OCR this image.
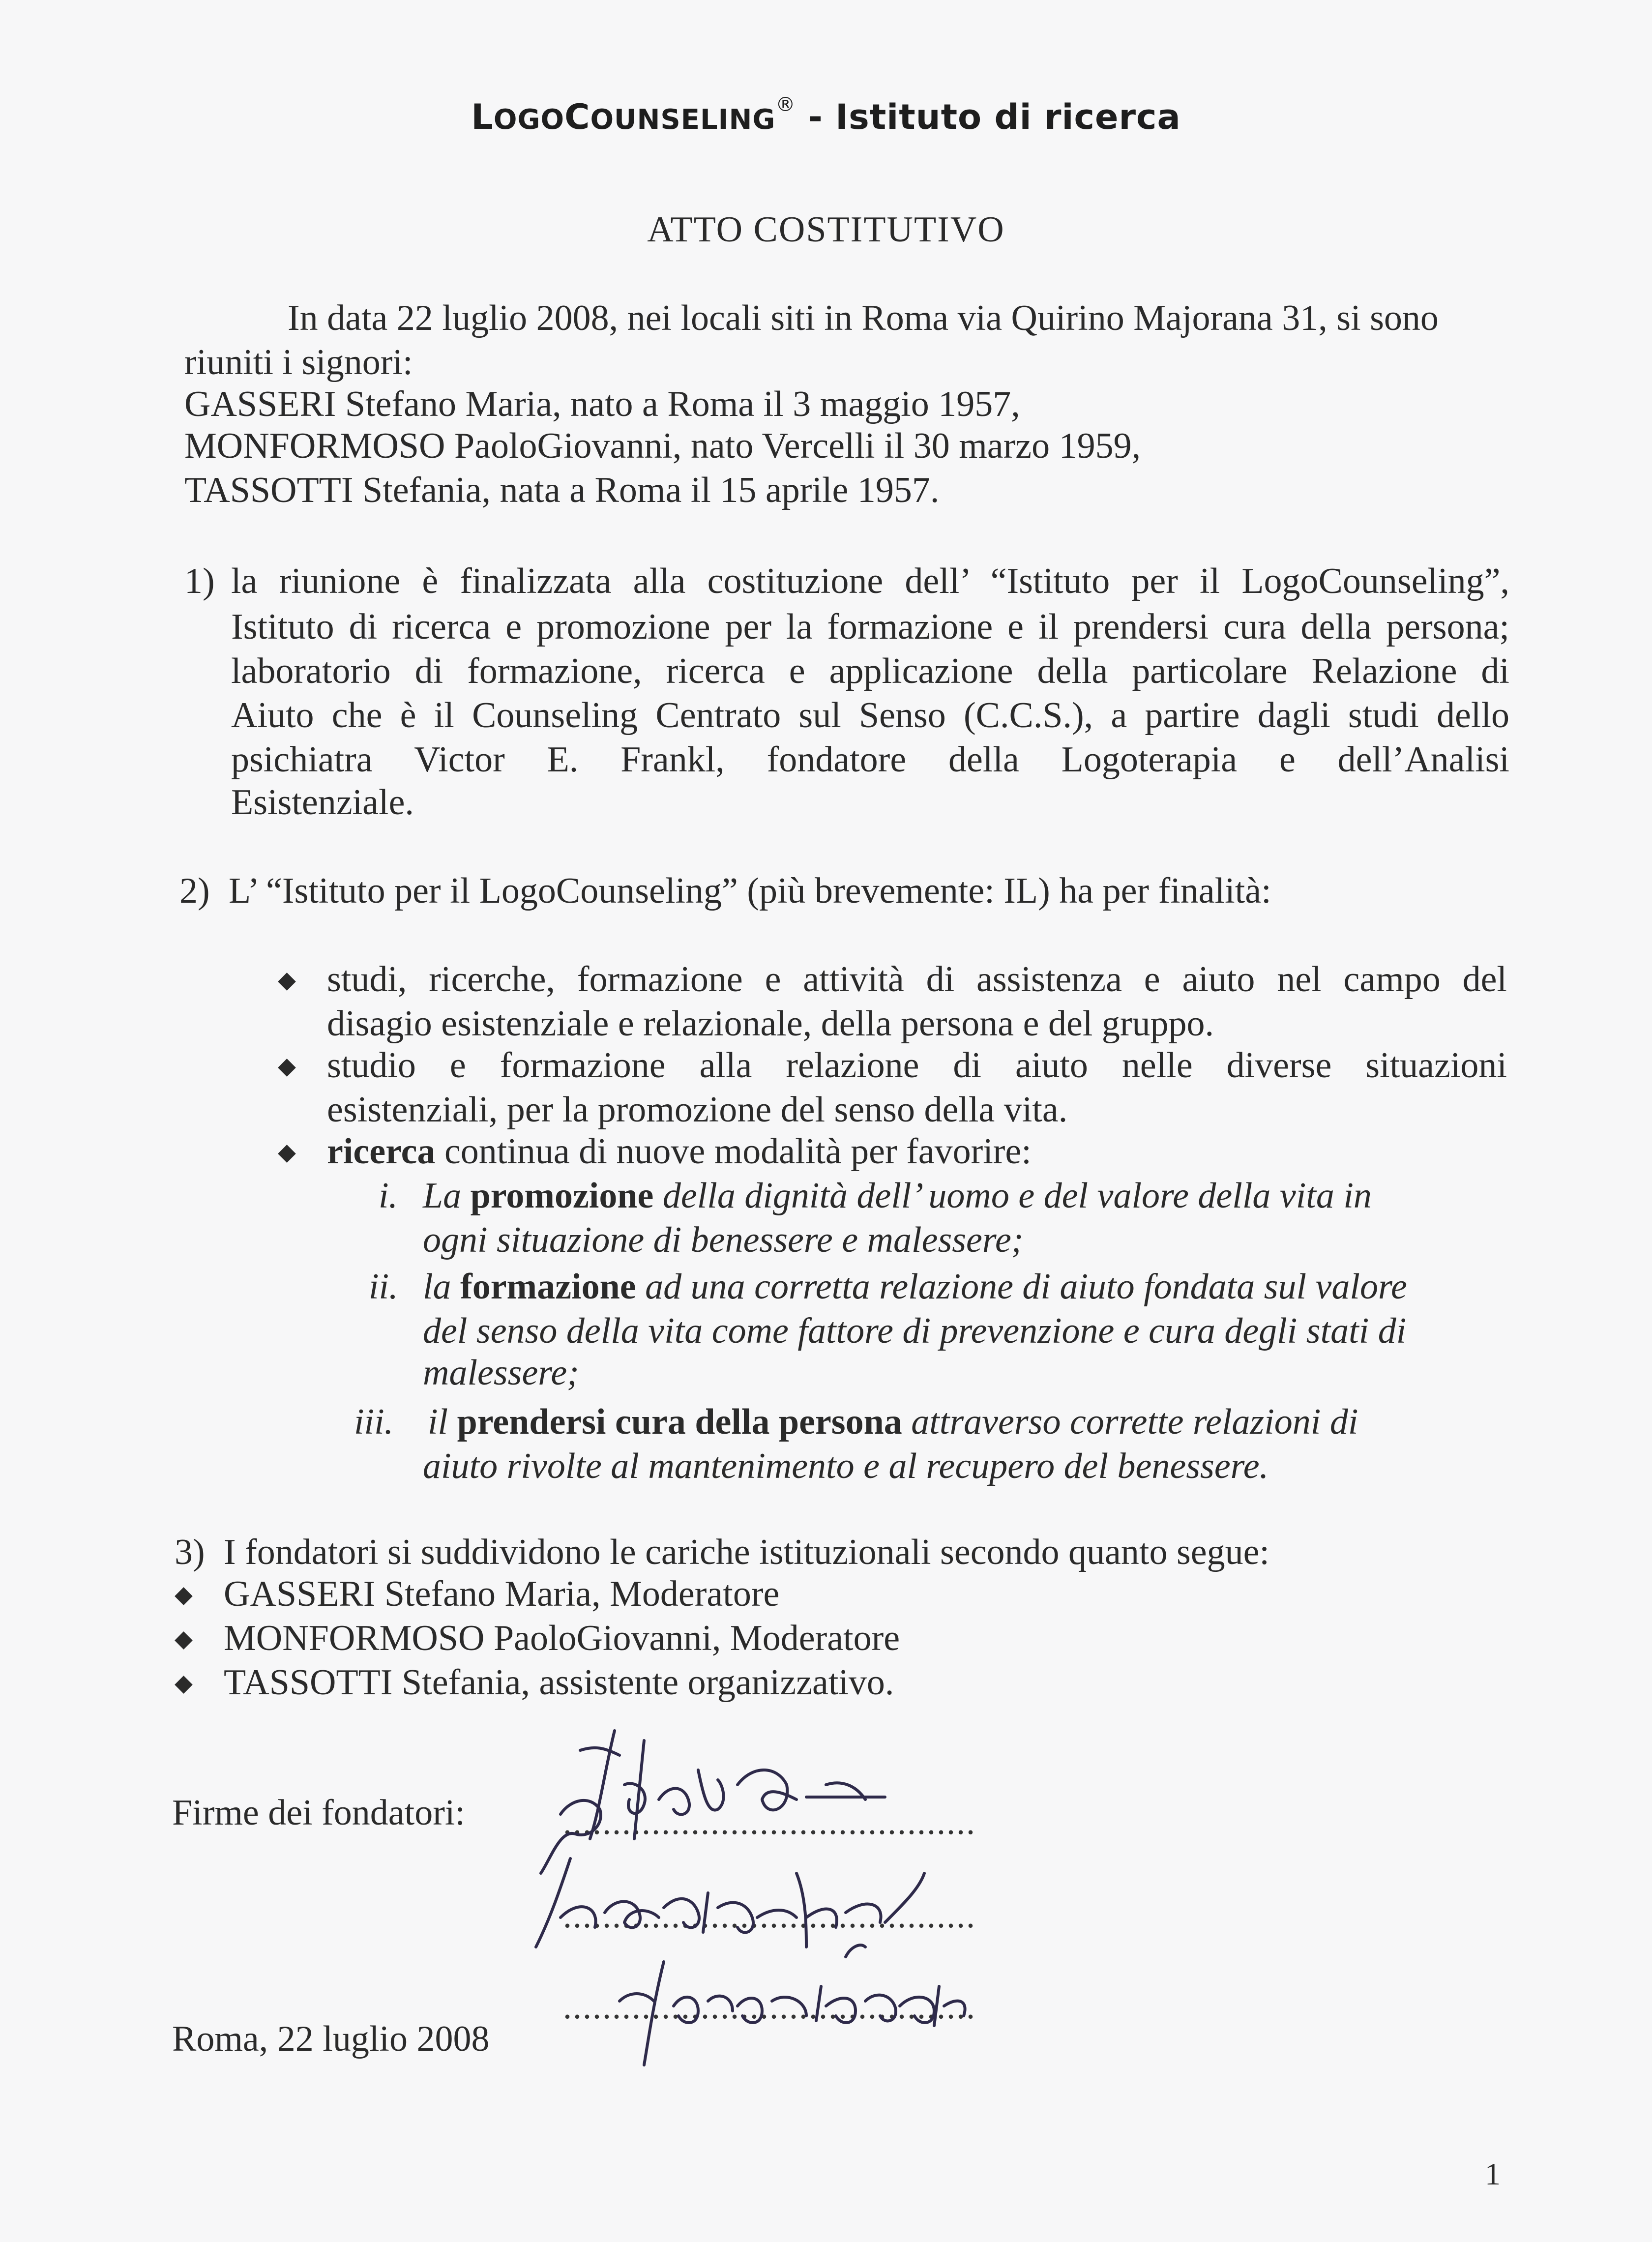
LOGOCOUNSELING® - Istituto di ricerca
ATTO COSTITUTIVO
In data 22 luglio 2008, nei locali siti in Roma via Quirino Majorana 31, si sono
riuniti i signori:
GASSERI Stefano Maria, nato a Roma il 3 maggio 1957,
MONFORMOSO PaoloGiovanni, nato Vercelli il 30 marzo 1959,
TASSOTTI Stefania, nata a Roma il 15 aprile 1957.
1) la riunione è finalizzata alla costituzione dell’ “Istituto per il LogoCounseling”,
Istituto di ricerca e promozione per la formazione e il prendersi cura della persona;
laboratorio di formazione, ricerca e applicazione della particolare Relazione di
Aiuto che è il Counseling Centrato sul Senso (C.C.S.), a partire dagli studi dello
psichiatra Victor E. Frankl, fondatore della Logoterapia e dell’Analisi
Esistenziale.
2) L’ “Istituto per il LogoCounseling” (più brevemente: IL) ha per finalità:
◆ studi, ricerche, formazione e attività di assistenza e aiuto nel campo del
disagio esistenziale e relazionale, della persona e del gruppo.
◆ studio e formazione alla relazione di aiuto nelle diverse situazioni
esistenziali, per la promozione del senso della vita.
◆ ricerca continua di nuove modalità per favorire:
i. La promozione della dignità dell’ uomo e del valore della vita in
ogni situazione di benessere e malessere;
ii. la formazione ad una corretta relazione di aiuto fondata sul valore
del senso della vita come fattore di prevenzione e cura degli stati di
malessere;
iii. il prendersi cura della persona attraverso corrette relazioni di
aiuto rivolte al mantenimento e al recupero del benessere.
3) I fondatori si suddividono le cariche istituzionali secondo quanto segue:
◆ GASSERI Stefano Maria, Moderatore
◆ MONFORMOSO PaoloGiovanni, Moderatore
◆ TASSOTTI Stefania, assistente organizzativo.
Firme dei fondatori:	..........................................
..........................................
..........................................
Roma, 22 luglio 2008
1
